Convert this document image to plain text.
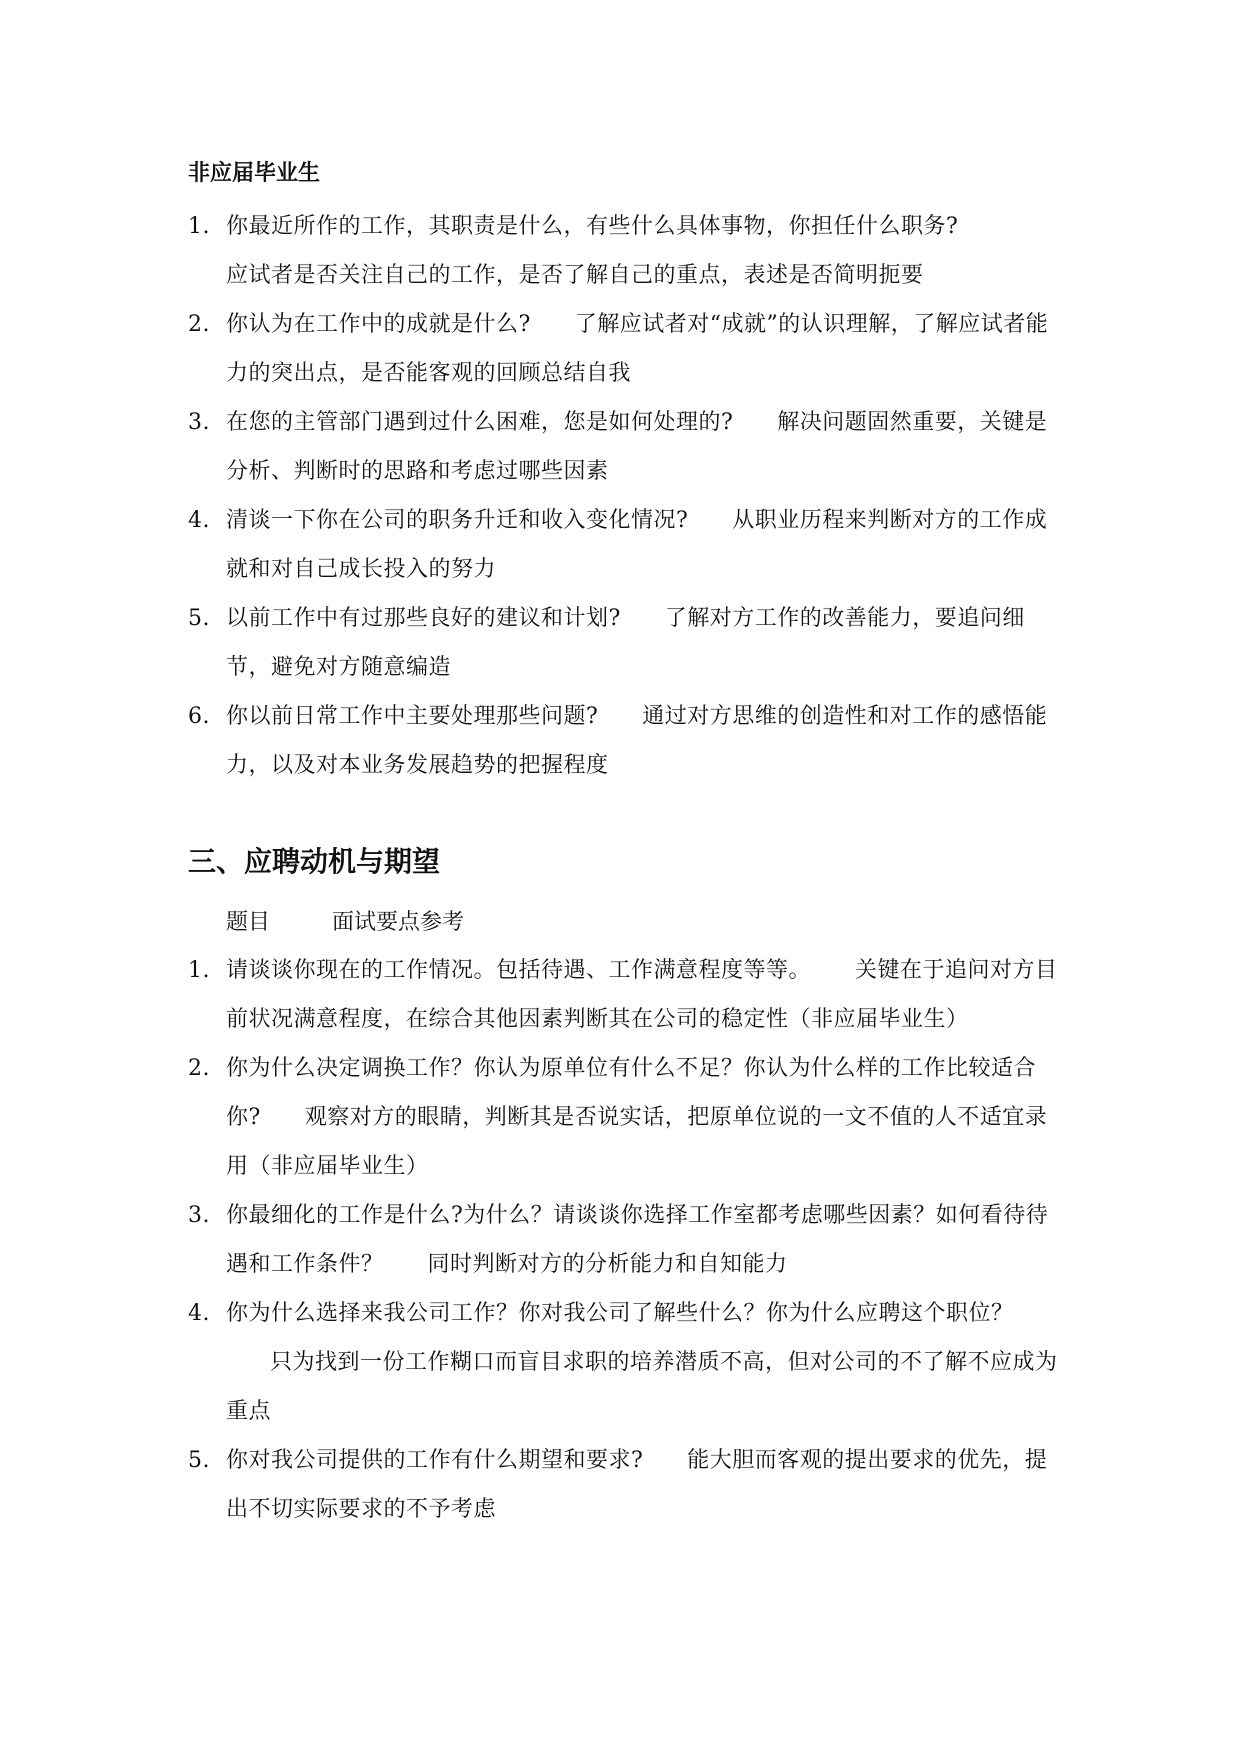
非应届毕业生
1. 你最近所作的工作，其职责是什么，有些什么具体事物，你担任什么职务?
应试者是否关注自己的工作，是否了解自己的重点，表述是否简明扼要
2. 你认为在工作中的成就是什么? 了解应试者对“成就”的认识理解，了解应试者能力的突出点，是否能客观的回顾总结自我
3. 在您的主管部门遇到过什么困难，您是如何处理的? 解决问题固然重要，关键是分析、判断时的思路和考虑过哪些因素
4. 清谈一下你在公司的职务升迁和收入变化情况? 从职业历程来判断对方的工作成就和对自己成长投入的努力
5. 以前工作中有过那些良好的建议和计划? 了解对方工作的改善能力，要追问细节，避免对方随意编造
6. 你以前日常工作中主要处理那些问题? 通过对方思维的创造性和对工作的感悟能力，以及对本业务发展趋势的把握程度
三、应聘动机与期望

题目	面试要点参考

1. 请谈谈你现在的工作情况。包括待遇、工作满意程度等等。 关键在于追问对方目前状况满意程度，在综合其他因素判断其在公司的稳定性（非应届毕业生）
2. 你为什么决定调换工作？你认为原单位有什么不足？你认为什么样的工作比较适合你? 观察对方的眼睛，判断其是否说实话，把原单位说的一文不值的人不适宜录用（非应届毕业生）
3. 你最细化的工作是什么?为什么？请谈谈你选择工作室都考虑哪些因素？如何看待待遇和工作条件？ 同时判断对方的分析能力和自知能力
4. 你为什么选择来我公司工作？你对我公司了解些什么？你为什么应聘这个职位？只为找到一份工作糊口而盲目求职的培养潜质不高，但对公司的不了解不应成为重点
5. 你对我公司提供的工作有什么期望和要求? 能大胆而客观的提出要求的优先，提出不切实际要求的不予考虑
